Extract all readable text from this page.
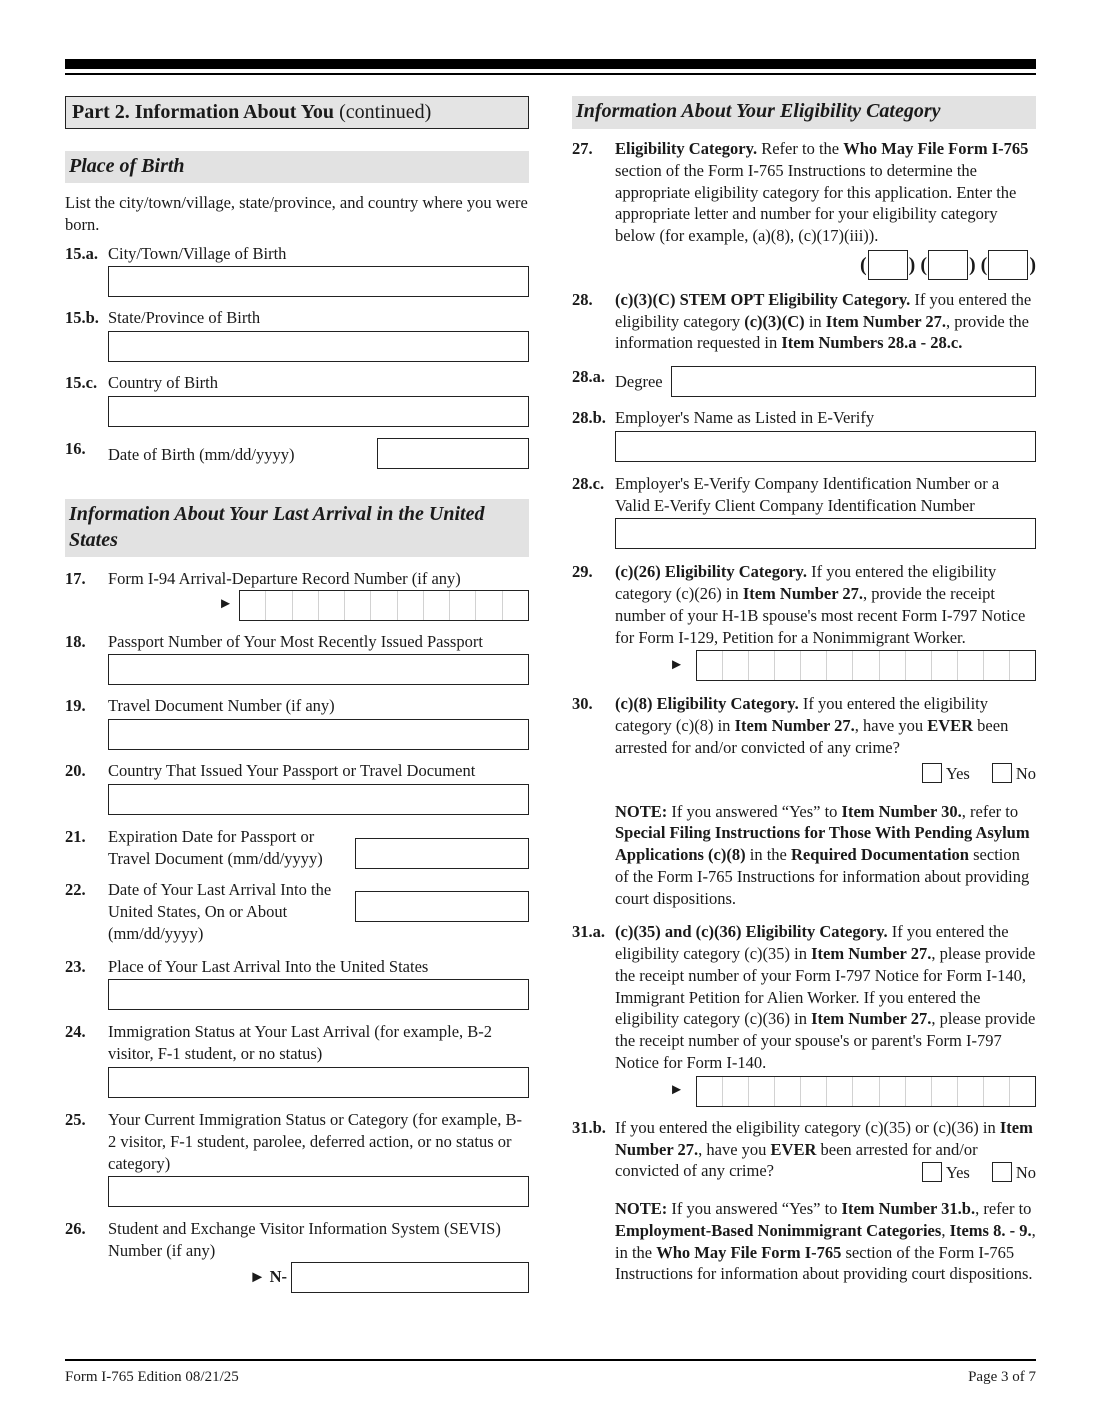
Part 2. Information About You (continued)
Place of Birth
List the city/town/village, state/province, and country where you were born.
15.a. City/Town/Village of Birth
15.b. State/Province of Birth
15.c. Country of Birth
16. Date of Birth (mm/dd/yyyy)
Information About Your Last Arrival in the United States
17. Form I-94 Arrival-Departure Record Number (if any)
►
18. Passport Number of Your Most Recently Issued Passport
19. Travel Document Number (if any)
20. Country That Issued Your Passport or Travel Document
21. Expiration Date for Passport or Travel Document (mm/dd/yyyy)
22. Date of Your Last Arrival Into the United States, On or About (mm/dd/yyyy)
23. Place of Your Last Arrival Into the United States
24. Immigration Status at Your Last Arrival (for example, B-2 visitor, F-1 student, or no status)
25. Your Current Immigration Status or Category (for example, B-2 visitor, F-1 student, parolee, deferred action, or no status or category)
26. Student and Exchange Visitor Information System (SEVIS) Number (if any)
► N-
Information About Your Eligibility Category
27. Eligibility Category. Refer to the Who May File Form I-765 section of the Form I-765 Instructions to determine the appropriate eligibility category for this application. Enter the appropriate letter and number for your eligibility category below (for example, (a)(8), (c)(17)(iii)).
( ) ( ) ( )
28. (c)(3)(C) STEM OPT Eligibility Category. If you entered the eligibility category (c)(3)(C) in Item Number 27., provide the information requested in Item Numbers 28.a - 28.c.
28.a. Degree
28.b. Employer's Name as Listed in E-Verify
28.c. Employer's E-Verify Company Identification Number or a Valid E-Verify Client Company Identification Number
29. (c)(26) Eligibility Category. If you entered the eligibility category (c)(26) in Item Number 27., provide the receipt number of your H-1B spouse's most recent Form I-797 Notice for Form I-129, Petition for a Nonimmigrant Worker.
►
30. (c)(8) Eligibility Category. If you entered the eligibility category (c)(8) in Item Number 27., have you EVER been arrested for and/or convicted of any crime?
Yes	No
NOTE: If you answered “Yes” to Item Number 30., refer to Special Filing Instructions for Those With Pending Asylum Applications (c)(8) in the Required Documentation section of the Form I-765 Instructions for information about providing court dispositions.
31.a. (c)(35) and (c)(36) Eligibility Category. If you entered the eligibility category (c)(35) in Item Number 27., please provide the receipt number of your Form I-797 Notice for Form I-140, Immigrant Petition for Alien Worker. If you entered the eligibility category (c)(36) in Item Number 27., please provide the receipt number of your spouse's or parent's Form I-797 Notice for Form I-140.
►
31.b. If you entered the eligibility category (c)(35) or (c)(36) in Item Number 27., have you EVER been arrested for and/or convicted of any crime?	Yes	No
NOTE: If you answered “Yes” to Item Number 31.b., refer to Employment-Based Nonimmigrant Categories, Items 8. - 9., in the Who May File Form I-765 section of the Form I-765 Instructions for information about providing court dispositions.
Form I-765 Edition 08/21/25	Page 3 of 7
